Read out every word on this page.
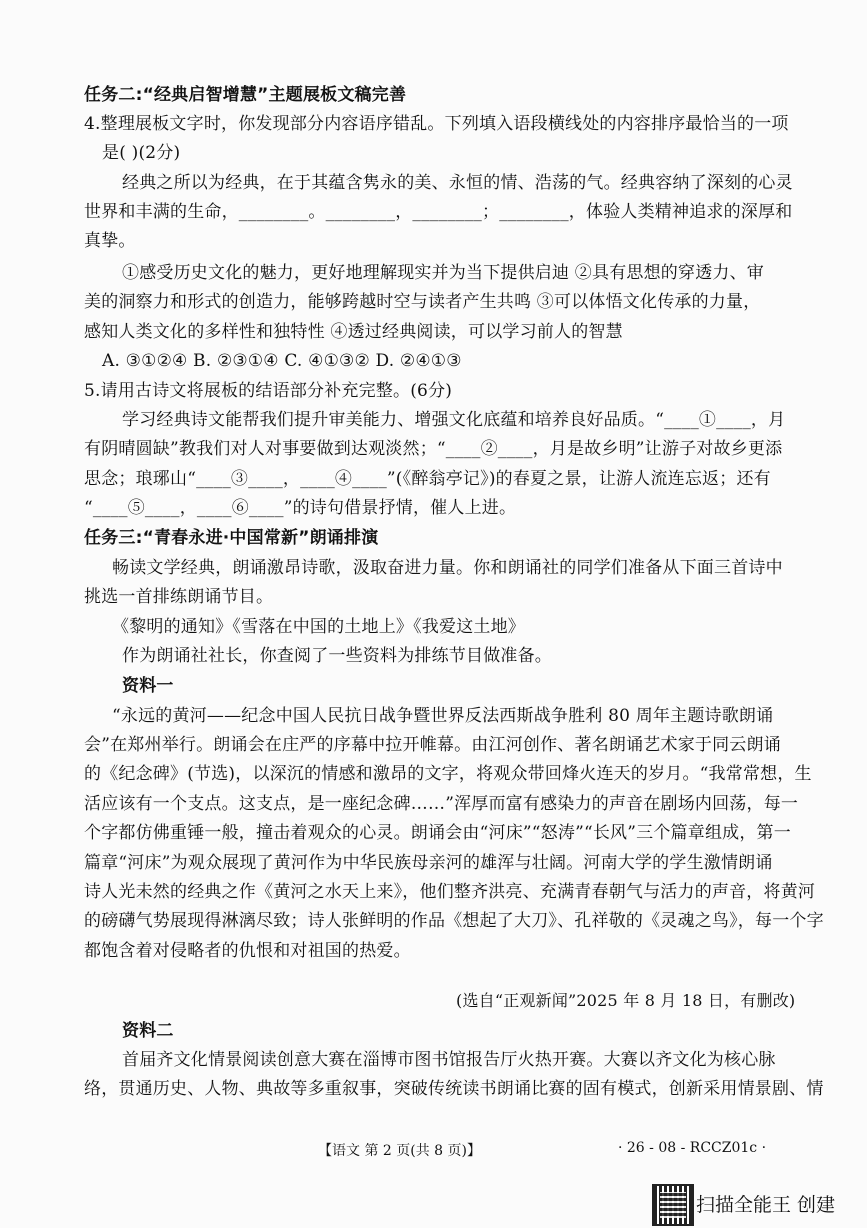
任务二:“经典启智增慧”主题展板文稿完善
4.整理展板文字时，你发现部分内容语序错乱。下列填入语段横线处的内容排序最恰当的一项
是( )(2分)
经典之所以为经典，在于其蕴含隽永的美、永恒的情、浩荡的气。经典容纳了深刻的心灵
世界和丰满的生命，________。________，________；________，体验人类精神追求的深厚和
真挚。
①感受历史文化的魅力，更好地理解现实并为当下提供启迪 ②具有思想的穿透力、审
美的洞察力和形式的创造力，能够跨越时空与读者产生共鸣 ③可以体悟文化传承的力量，
感知人类文化的多样性和独特性 ④透过经典阅读，可以学习前人的智慧
A. ③①②④ B. ②③①④ C. ④①③② D. ②④①③
5.请用古诗文将展板的结语部分补充完整。(6分)
学习经典诗文能帮我们提升审美能力、增强文化底蕴和培养良好品质。“____①____，月
有阴晴圆缺”教我们对人对事要做到达观淡然；“____②____，月是故乡明”让游子对故乡更添
思念；琅琊山“____③____，____④____”(《醉翁亭记》)的春夏之景，让游人流连忘返；还有
“____⑤____，____⑥____”的诗句借景抒情，催人上进。
任务三:“青春永进·中国常新”朗诵排演
畅读文学经典，朗诵激昂诗歌，汲取奋进力量。你和朗诵社的同学们准备从下面三首诗中
挑选一首排练朗诵节目。
《黎明的通知》《雪落在中国的土地上》《我爱这土地》
作为朗诵社社长，你查阅了一些资料为排练节目做准备。
资料一
“永远的黄河——纪念中国人民抗日战争暨世界反法西斯战争胜利 80 周年主题诗歌朗诵
会”在郑州举行。朗诵会在庄严的序幕中拉开帷幕。由江河创作、著名朗诵艺术家于同云朗诵
的《纪念碑》(节选)，以深沉的情感和激昂的文字，将观众带回烽火连天的岁月。“我常常想，生
活应该有一个支点。这支点，是一座纪念碑……”浑厚而富有感染力的声音在剧场内回荡，每一
个字都仿佛重锤一般，撞击着观众的心灵。朗诵会由“河床”“怒涛”“长风”三个篇章组成，第一
篇章“河床”为观众展现了黄河作为中华民族母亲河的雄浑与壮阔。河南大学的学生激情朗诵
诗人光未然的经典之作《黄河之水天上来》，他们整齐洪亮、充满青春朝气与活力的声音，将黄河
的磅礴气势展现得淋漓尽致；诗人张鲜明的作品《想起了大刀》、孔祥敬的《灵魂之鸟》，每一个字
都饱含着对侵略者的仇恨和对祖国的热爱。
(选自“正观新闻”2025 年 8 月 18 日，有删改)
资料二
首届齐文化情景阅读创意大赛在淄博市图书馆报告厅火热开赛。大赛以齐文化为核心脉
络，贯通历史、人物、典故等多重叙事，突破传统读书朗诵比赛的固有模式，创新采用情景剧、情
【语文 第 2 页(共 8 页)】	· 26 - 08 - RCCZ01c ·
扫描全能王 创建
